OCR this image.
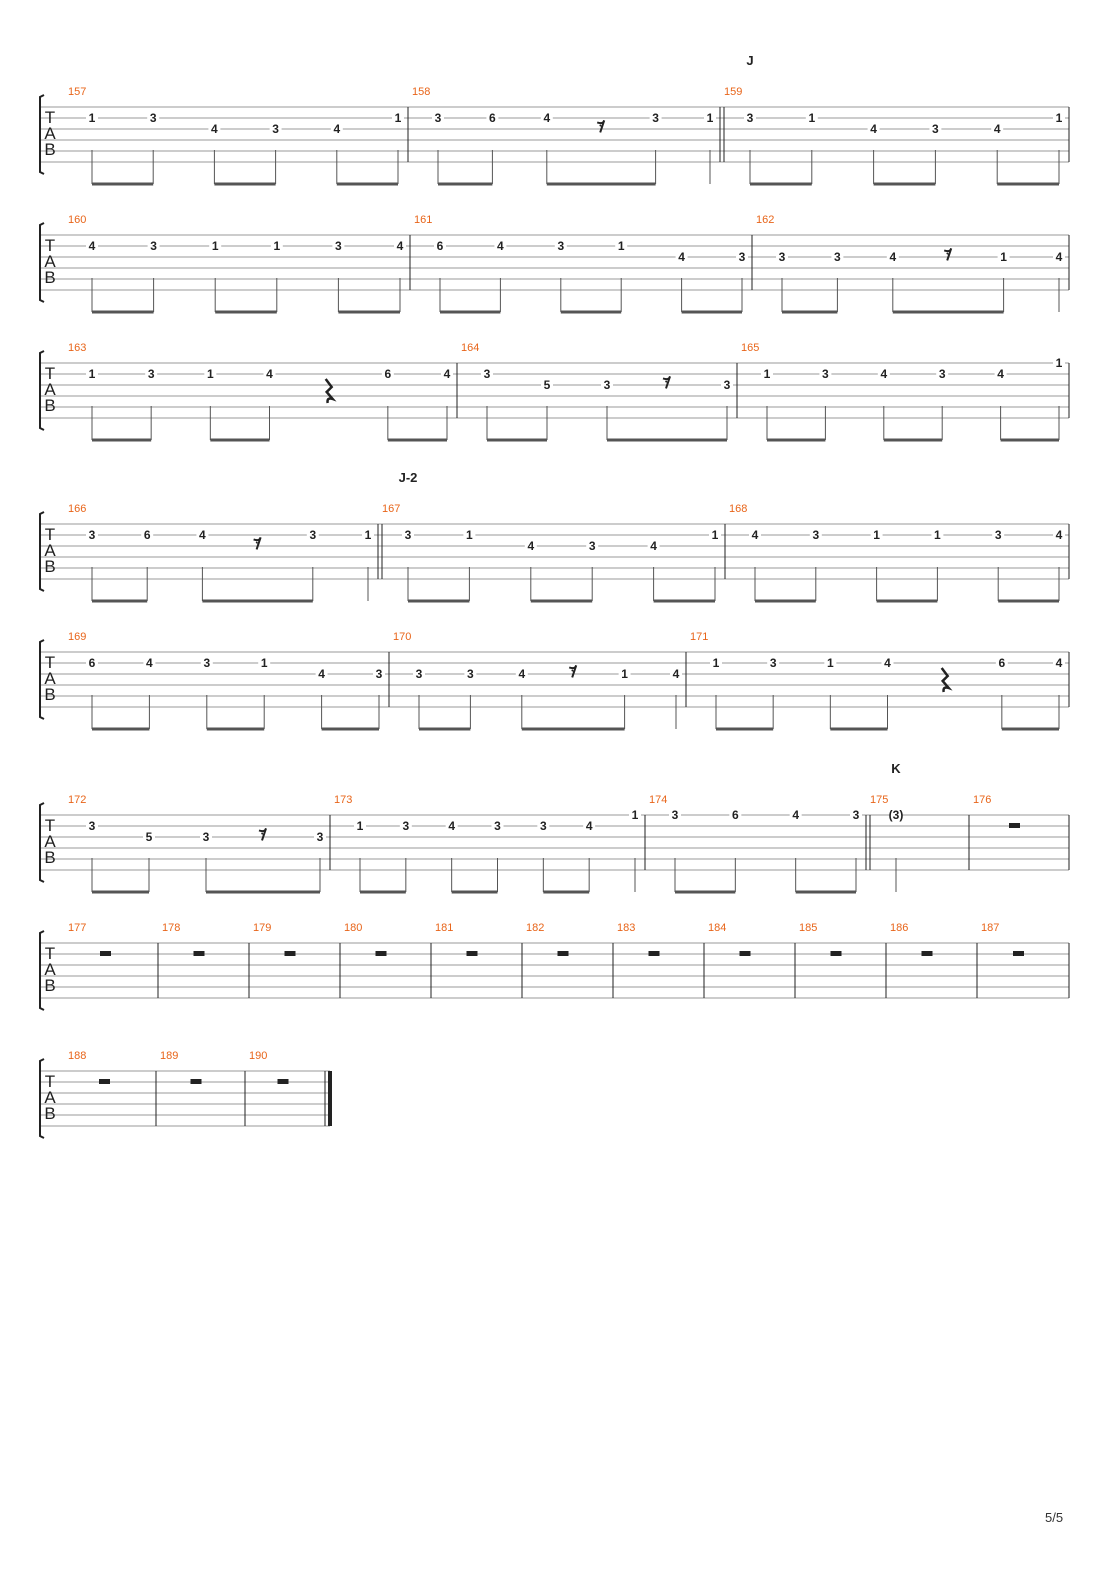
T
A
B
157
1	3
4	3	4
1
158
3	6	4
𝄾
3	1
159
3	1
4	3	4
1
J
T
A
B
160
4	3	1	1	3	4
161
6	4	3	1
4	3
162
3	3	4	𝄾	1	4
T
A
B
163
1	3	1	4	6	4
164
3
5	3	𝄾	3
165
1	3	4	3	4
1
T
A
B
166
3	6	4
𝄾
3	1
167
3	1
4	3	4
1
168
4	3	1	1	3	4
J-2
T
A
B
169
6	4	3	1
4	3
170
3	3	4	𝄾	1	4
171
1	3	1	4	6	4
T
A
B
172
3
5	3	𝄾	3
173
1	3	4	3	3	4
1
174
3	6	4	3
175
(3)
176
K
T
A
B
177	178	179	180	181	182	183	184	185	186	187
T
A
B
188	189	190
5/5
